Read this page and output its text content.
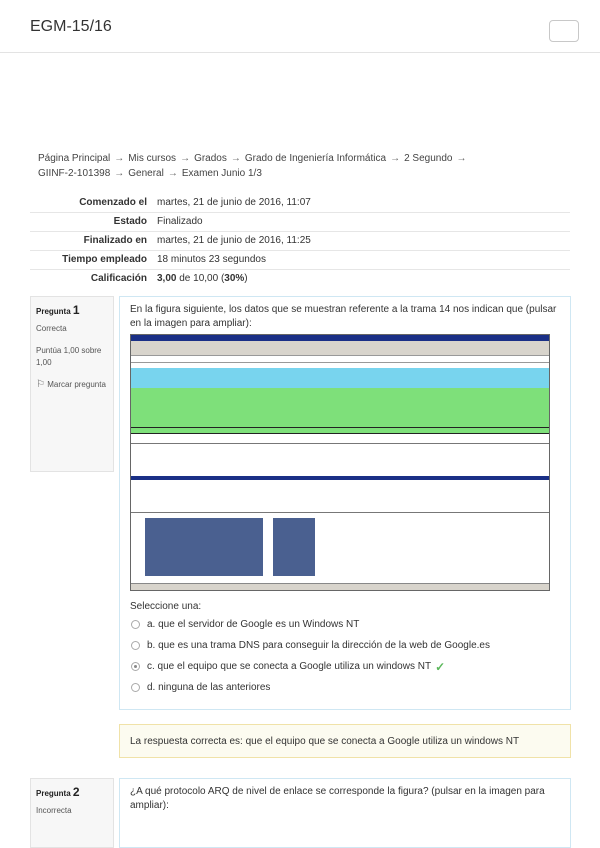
EGM-15/16
Página Principal → Mis cursos → Grados → Grado de Ingeniería Informática → 2 Segundo →
GIINF-2-101398 → General → Examen Junio 1/3
Comenzado el	martes, 21 de junio de 2016, 11:07
Estado	Finalizado
Finalizado en	martes, 21 de junio de 2016, 11:25
Tiempo empleado	18 minutos 23 segundos
Calificación	3,00 de 10,00 (30%)
Pregunta 1
Correcta
Puntúa 1,00 sobre 1,00
⚐ Marcar pregunta
En la figura siguiente, los datos que se muestran referente a la trama 14 nos indican que (pulsar en la imagen para ampliar):
Seleccione una:
a. que el servidor de Google es un Windows NT
b. que es una trama DNS para conseguir la dirección de la web de Google.es
c. que el equipo que se conecta a Google utiliza un windows NT ✓
d. ninguna de las anteriores
La respuesta correcta es: que el equipo que se conecta a Google utiliza un windows NT
Pregunta 2
Incorrecta
¿A qué protocolo ARQ de nivel de enlace se corresponde la figura? (pulsar en la imagen para ampliar):
